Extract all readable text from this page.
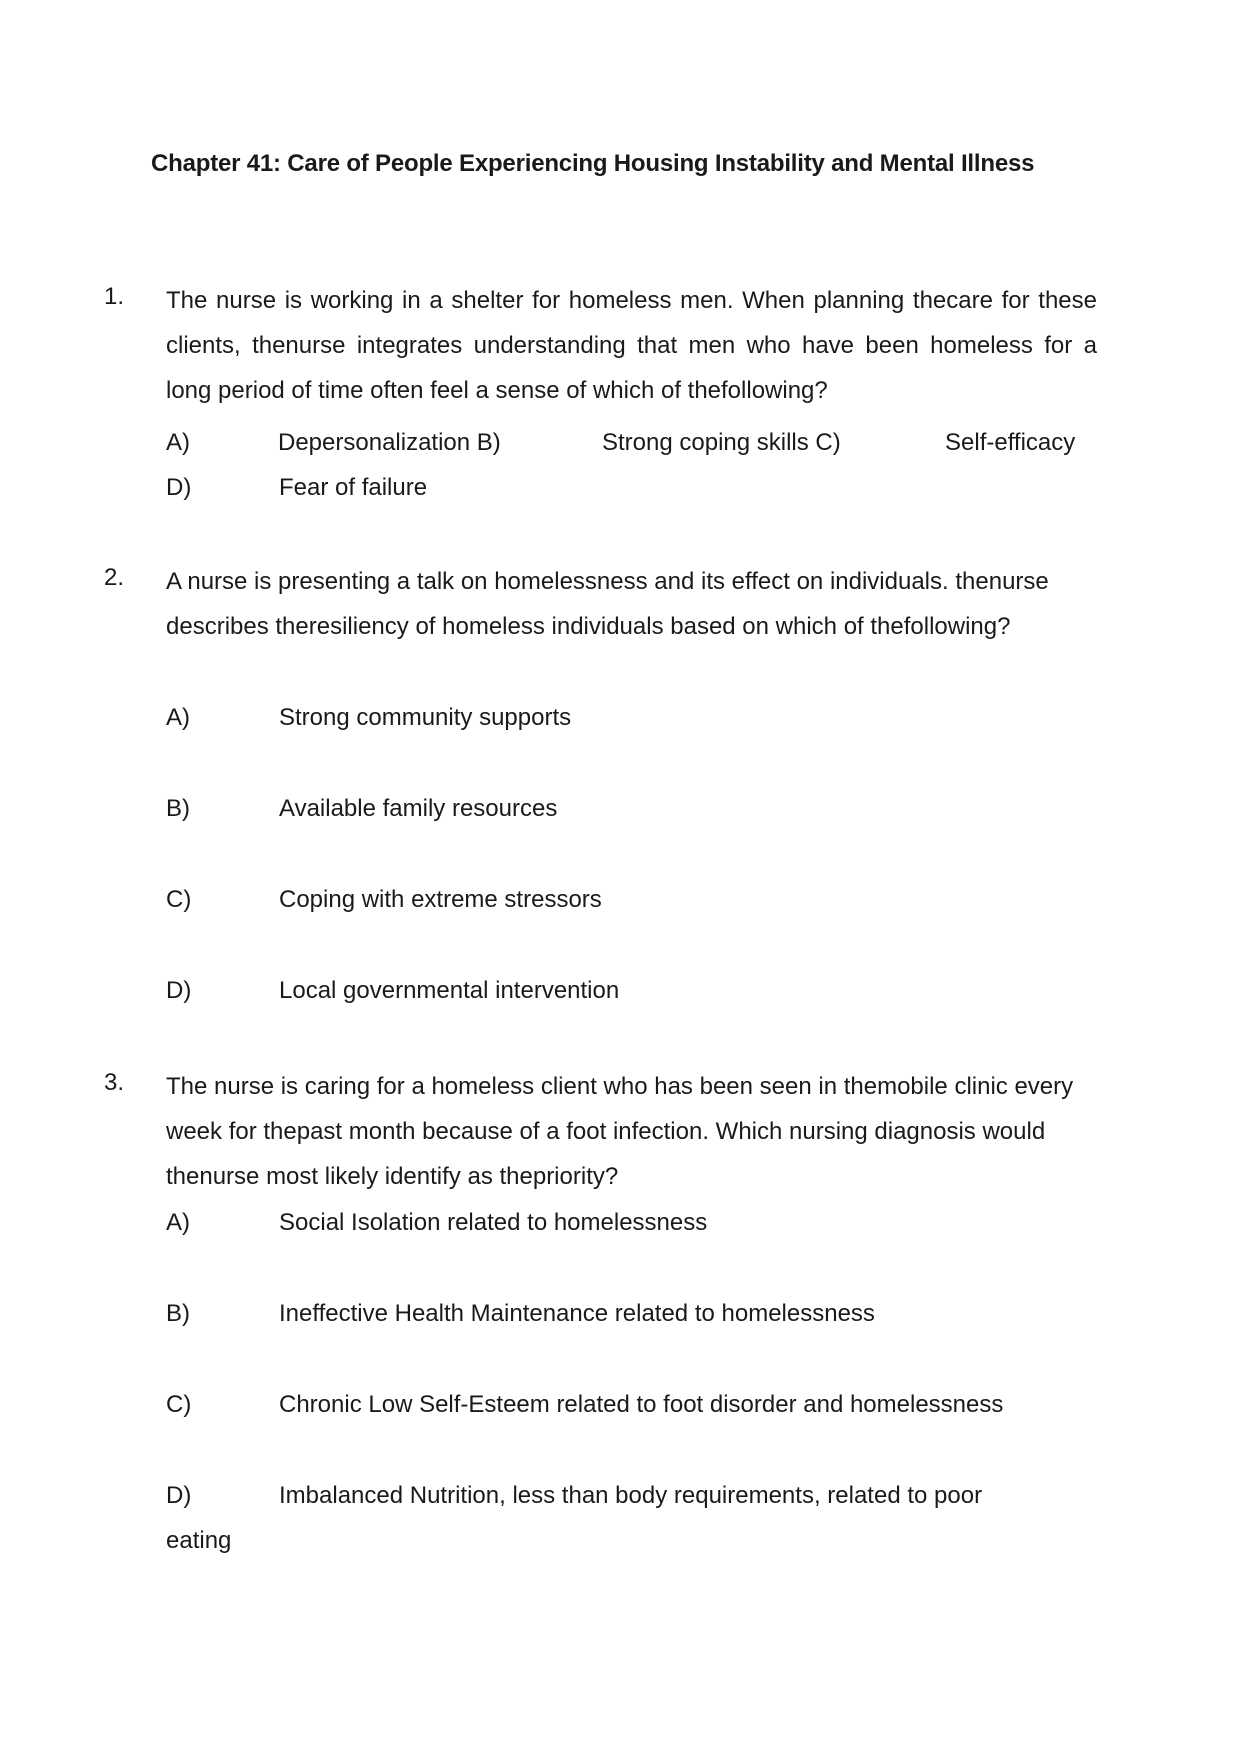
Chapter 41: Care of People Experiencing Housing Instability and Mental Illness
1. The nurse is working in a shelter for homeless men. When planning thecare for these clients, thenurse integrates understanding that men who have been homeless for a long period of time often feel a sense of which of thefollowing?
A)	Depersonalization B)	Strong coping skills C)	Self-efficacy
D)	Fear of failure
2. A nurse is presenting a talk on homelessness and its effect on individuals. thenurse describes theresiliency of homeless individuals based on which of thefollowing?
A)	Strong community supports
B)	Available family resources
C)	Coping with extreme stressors
D)	Local governmental intervention
3. The nurse is caring for a homeless client who has been seen in themobile clinic every week for thepast month because of a foot infection. Which nursing diagnosis would thenurse most likely identify as thepriority?
A)	Social Isolation related to homelessness
B)	Ineffective Health Maintenance related to homelessness
C)	Chronic Low Self-Esteem related to foot disorder and homelessness
D)	Imbalanced Nutrition, less than body requirements, related to poor
eating
